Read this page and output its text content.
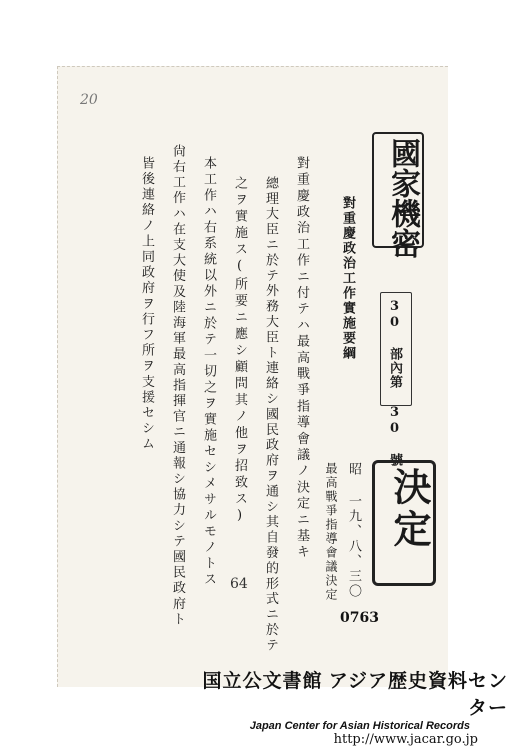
20
國家機密
對重慶政治工作實施要綱
30 部內第 30 號
昭 一九、八、三〇
最高戰爭指導會議決定 決定
對重慶政治工作ニ付テハ最高戰爭指導會議ノ決定ニ基キ
總理大臣ニ於テ外務大臣ト連絡シ國民政府ヲ通シ其自發的形式ニ於テ
之ヲ實施ス(所要ニ應シ顧問其ノ他ヲ招致ス)
本工作ハ右系統以外ニ於テ一切之ヲ實施セシメサルモノトス
尙右工作ハ在支大使及陸海軍最高指揮官ニ通報シ協力シテ國民政府ト
皆後連絡ノ上同政府ヲ行フ所ヲ支援セシム
64
0763
国立公文書館 アジア歴史資料センター
Japan Center for Asian Historical Records
http://www.jacar.go.jp
